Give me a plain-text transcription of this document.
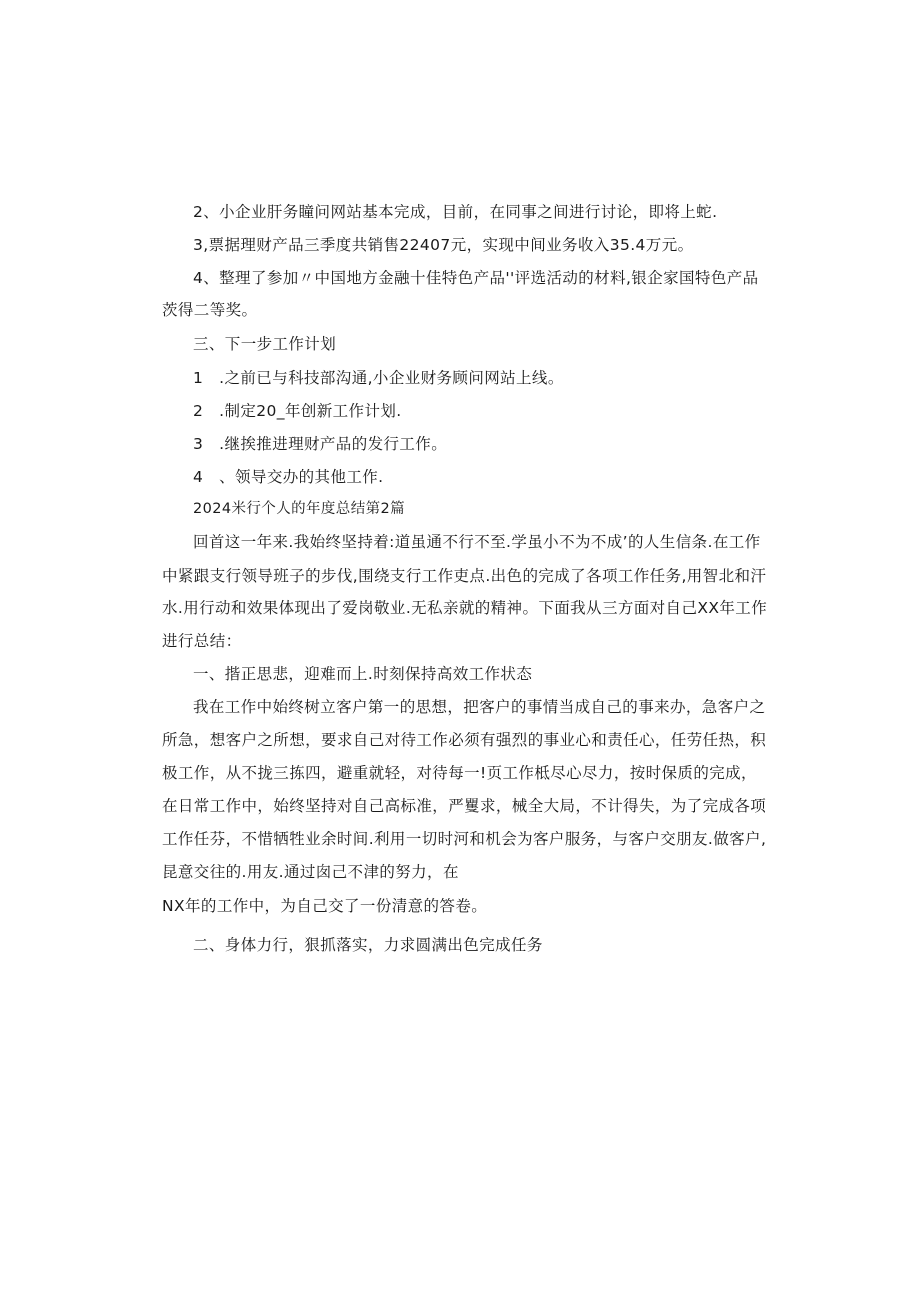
2、小企业肝务瞳问网站基本完成，目前，在同事之间进行讨论，即将上蛇.
3,票据理财产品三季度共销售22407元，实现中间业务收入35.4万元。
4、整理了参加〃中国地方金融十佳特色产品''评选活动的材料,银企家国特色产品
茨得二等奖。
三、下一步工作计划
1　.之前已与科技部沟通,小企业财务顾问网站上线。
2　.制定20_年创新工作计划.
3　.继挨推进理财产品的发行工作。
4　、领导交办的其他工作.
2024米行个人的年度总结第2篇
回首这一年来.我始终坚持着:道虽通不行不至.学虽小不为不成’的人生信条.在工作
中紧跟支行领导班子的步伐,围绕支行工作吏点.出色的完成了各项工作任务,用智北和汗
水.用行动和效果体现出了爱岗敬业.无私亲就的精神。下面我从三方面对自己XX年工作
进行总结：
一、揩正思悲，迎难而上.时刻保持高效工作状态
我在工作中始终树立客户第一的思想，把客户的事情当成自己的事来办，急客户之
所急，想客户之所想，要求自己对待工作必须有强烈的事业心和责任心，任劳任热，积
极工作，从不拢三拣四，避重就轻，对待每一!页工作柢尽心尽力，按时保质的完成，
在日常工作中，始终坚持对自己高标准，严矍求，械全大局，不计得失，为了完成各项
工作任芬，不惜牺牲业余时间.利用一切时河和机会为客户服务，与客户交朋友.做客户,
昆意交往的.用友.通过囱己不津的努力，在
NX年的工作中，为自己交了一份清意的答卷。
二、身体力行，狠抓落实，力求圆满出色完成任务
